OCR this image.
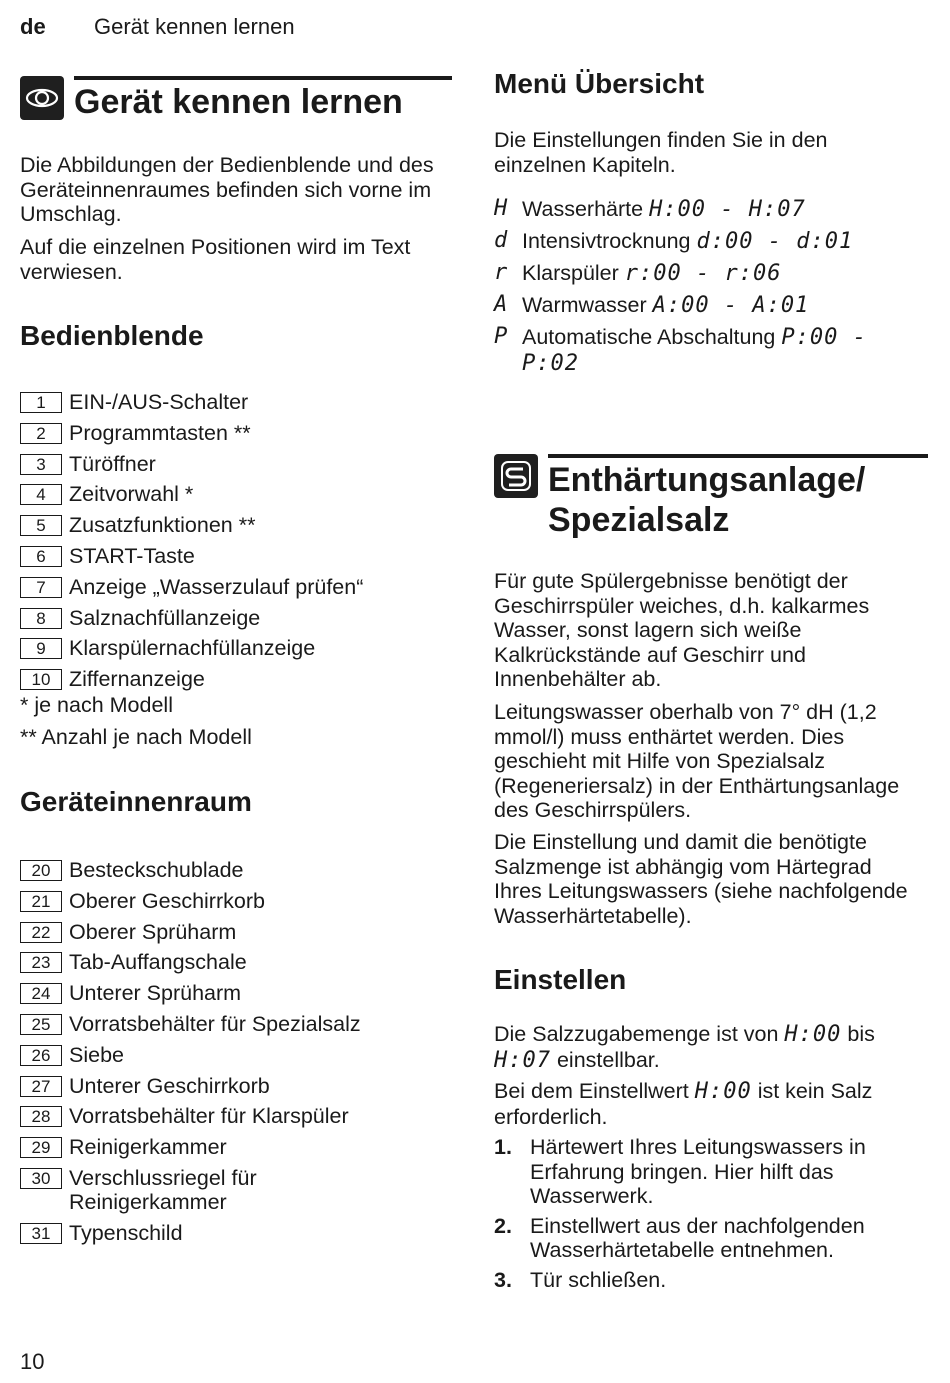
de Gerät kennen lernen
Gerät kennen lernen

Die Abbildungen der Bedienblende und des Geräteinnenraumes befinden sich vorne im Umschlag.

Auf die einzelnen Positionen wird im Text verwiesen.

Bedienblende
1	EIN-/AUS-Schalter
2	Programmtasten **
3	Türöffner
4	Zeitvorwahl *
5	Zusatzfunktionen **
6	START-Taste
7	Anzeige „Wasserzulauf prüfen“
8	Salznachfüllanzeige
9	Klarspülernachfüllanzeige
10 Ziffernanzeige

* je nach Modell

** Anzahl je nach Modell

Geräteinnenraum
20 Besteckschublade
21 Oberer Geschirrkorb
22 Oberer Sprüharm
23 Tab-Auffangschale
24 Unterer Sprüharm
25 Vorratsbehälter für Spezialsalz
26 Siebe
27 Unterer Geschirrkorb
28 Vorratsbehälter für Klarspüler
29 Reinigerkammer
30 Verschlussriegel für Reinigerkammer
31 Typenschild
Menü Übersicht

Die Einstellungen finden Sie in den einzelnen Kapiteln.

H Wasserhärte H:00 - H:07
d Intensivtrocknung d:00 - d:01
r Klarspüler r:00 - r:06
A Warmwasser A:00 - A:01
P Automatische Abschaltung P:00 - P:02
Enthärtungsanlage/
Spezialsalz

Für gute Spülergebnisse benötigt der Geschirrspüler weiches, d.h. kalkarmes Wasser, sonst lagern sich weiße Kalkrückstände auf Geschirr und Innenbehälter ab.

Leitungswasser oberhalb von 7° dH (1,2 mmol/l) muss enthärtet werden. Dies geschieht mit Hilfe von Spezialsalz (Regeneriersalz) in der Enthärtungsanlage des Geschirrspülers.

Die Einstellung und damit die benötigte Salzmenge ist abhängig vom Härtegrad Ihres Leitungswassers (siehe nachfolgende Wasserhärtetabelle).

Einstellen

Die Salzzugabemenge ist von H:00 bis H:07 einstellbar.

Bei dem Einstellwert H:00 ist kein Salz erforderlich.

1. Härtewert Ihres Leitungswassers in Erfahrung bringen. Hier hilft das Wasserwerk.
2. Einstellwert aus der nachfolgenden Wasserhärtetabelle entnehmen.
3. Tür schließen.
10
